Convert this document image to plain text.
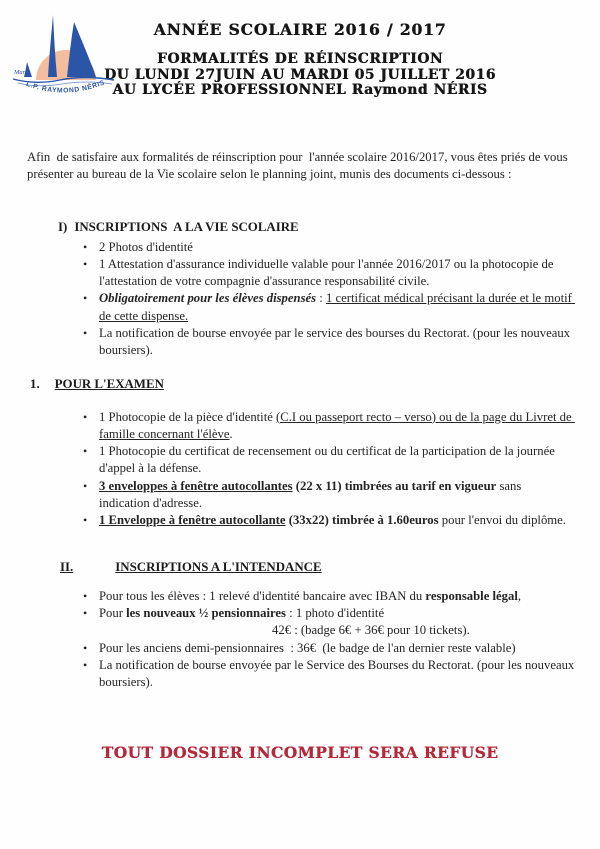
Marin
L.P. RAYMOND NÉRIS
ANNÉE SCOLAIRE 2016 / 2017
FORMALITÉS DE RÉINSCRIPTION
DU LUNDI 27JUIN AU MARDI 05 JUILLET 2016
AU LYCÉE PROFESSIONNEL Raymond NÉRIS

Afin  de satisfaire aux formalités de réinscription pour  l'année scolaire 2016/2017, vous êtes priés de vous présenter au bureau de la Vie scolaire selon le planning joint, munis des documents ci-dessous :

I) INSCRIPTIONS  A LA VIE SCOLAIRE
• 2 Photos d'identité
• 1 Attestation d'assurance individuelle valable pour l'année 2016/2017 ou la photocopie de l'attestation de votre compagnie d'assurance responsabilité civile.
• Obligatoirement pour les élèves dispensés : 1 certificat médical précisant la durée et le motif de cette dispense.
• La notification de bourse envoyée par le service des bourses du Rectorat. (pour les nouveaux boursiers).
1. POUR L'EXAMEN
• 1 Photocopie de la pièce d'identité (C.I ou passeport recto – verso) ou de la page du Livret de famille concernant l'élève.
• 1 Photocopie du certificat de recensement ou du certificat de la participation de la journée d'appel à la défense.
• 3 enveloppes à fenêtre autocollantes (22 x 11) timbrées au tarif en vigueur sans indication d'adresse.
• 1 Enveloppe à fenêtre autocollante (33x22) timbrée à 1.60euros pour l'envoi du diplôme.
II.	INSCRIPTIONS A L'INTENDANCE
• Pour tous les élèves : 1 relevé d'identité bancaire avec IBAN du responsable légal,
• Pour les nouveaux ½ pensionnaires : 1 photo d'identité
42€ : (badge 6€ + 36€ pour 10 tickets).
• Pour les anciens demi-pensionnaires  : 36€  (le badge de l'an dernier reste valable)
• La notification de bourse envoyée par le Service des Bourses du Rectorat. (pour les nouveaux boursiers).
TOUT DOSSIER INCOMPLET SERA REFUSE
